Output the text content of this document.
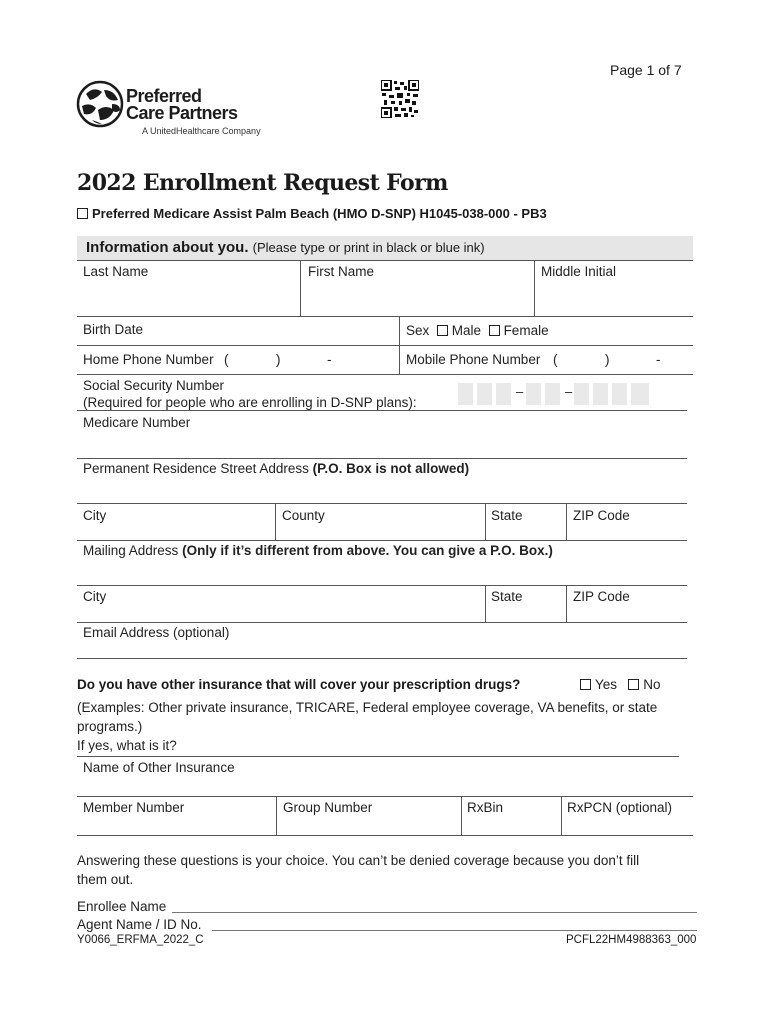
Page 1 of 7
Preferred
Care Partners
A UnitedHealthcare Company
2022 Enrollment Request Form
Preferred Medicare Assist Palm Beach (HMO D-SNP) H1045-038-000 - PB3
Information about you. (Please type or print in black or blue ink)
Last Name	First Name	Middle Initial
Birth Date	Sex Male Female
Home Phone Number (	)	-	Mobile Phone Number (	)	-
Social Security Number
(Required for people who are enrolling in D-SNP plans):
–	–
Medicare Number
Permanent Residence Street Address (P.O. Box is not allowed)
City	County	State	ZIP Code
Mailing Address (Only if it’s different from above. You can give a P.O. Box.)
City	State	ZIP Code
Email Address (optional)
Do you have other insurance that will cover your prescription drugs?	Yes No
(Examples: Other private insurance, TRICARE, Federal employee coverage, VA benefits, or state
programs.)
If yes, what is it?
Name of Other Insurance
Member Number	Group Number	RxBin	RxPCN (optional)
Answering these questions is your choice. You can’t be denied coverage because you don’t fill
them out.
Enrollee Name
Agent Name / ID No.
Y0066_ERFMA_2022_C	PCFL22HM4988363_000
